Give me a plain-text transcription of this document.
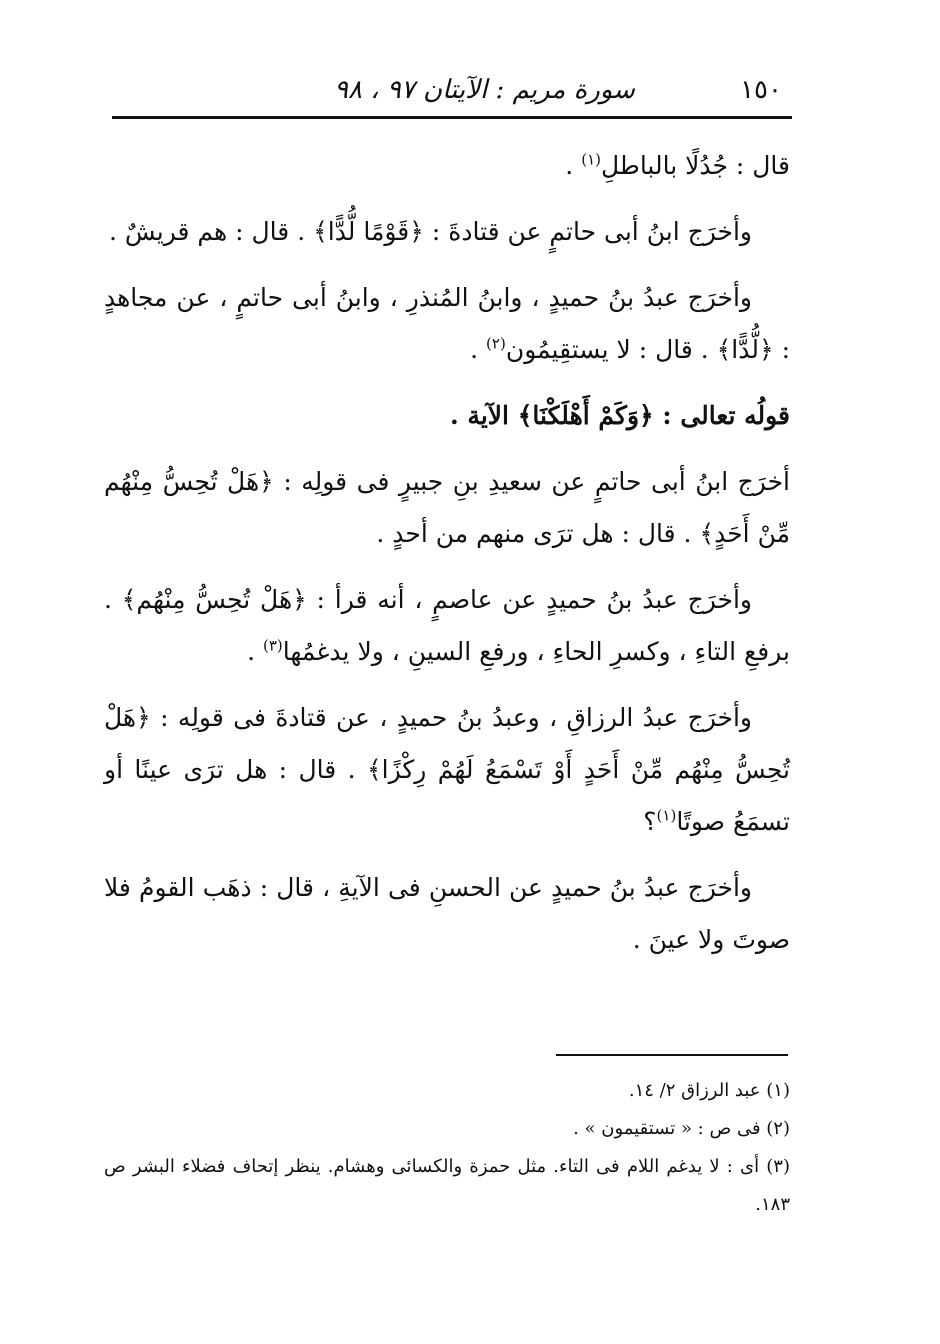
١٥٠
سورة مريم : الآيتان ٩٧ ، ٩٨

قال : جُدُلًا بالباطلِ$^{(١)}$ .

وأخرَج ابنُ أبى حاتمٍ عن قتادةَ : ﴿قَوْمًا لُّدًّا﴾ . قال : هم قريشٌ .

وأخرَج عبدُ بنُ حميدٍ ، وابنُ المُنذرِ ، وابنُ أبى حاتمٍ ، عن مجاهدٍ : ﴿لُّدًّا﴾ . قال : لا يستقِيمُون$^{(٢)}$ .

قولُه تعالى : ﴿وَكَمْ أَهْلَكْنَا﴾ الآية .

أخرَج ابنُ أبى حاتمٍ عن سعيدِ بنِ جبيرٍ فى قولِه : ﴿هَلْ تُحِسُّ مِنْهُم مِّنْ أَحَدٍ﴾ . قال : هل ترَى منهم من أحدٍ .

وأخرَج عبدُ بنُ حميدٍ عن عاصمٍ ، أنه قرأ : ﴿هَلْ تُحِسُّ مِنْهُم﴾ . برفعِ التاءِ ، وكسرِ الحاءِ ، ورفعِ السينِ ، ولا يدغمُها$^{(٣)}$ .

وأخرَج عبدُ الرزاقِ ، وعبدُ بنُ حميدٍ ، عن قتادةَ فى قولِه : ﴿هَلْ تُحِسُّ مِنْهُم مِّنْ أَحَدٍ أَوْ تَسْمَعُ لَهُمْ رِكْزًا﴾ . قال : هل ترَى عينًا أو تسمَعُ صوتًا$^{(١)}$؟

وأخرَج عبدُ بنُ حميدٍ عن الحسنِ فى الآيةِ ، قال : ذهَب القومُ فلا صوتَ ولا عينَ .

(١) عبد الرزاق ٢/ ١٤.

(٢) فى ص : « تستقيمون » .

(٣) أى : لا يدغم اللام فى التاء. مثل حمزة والكسائى وهشام. ينظر إتحاف فضلاء البشر ص ١٨٣.
